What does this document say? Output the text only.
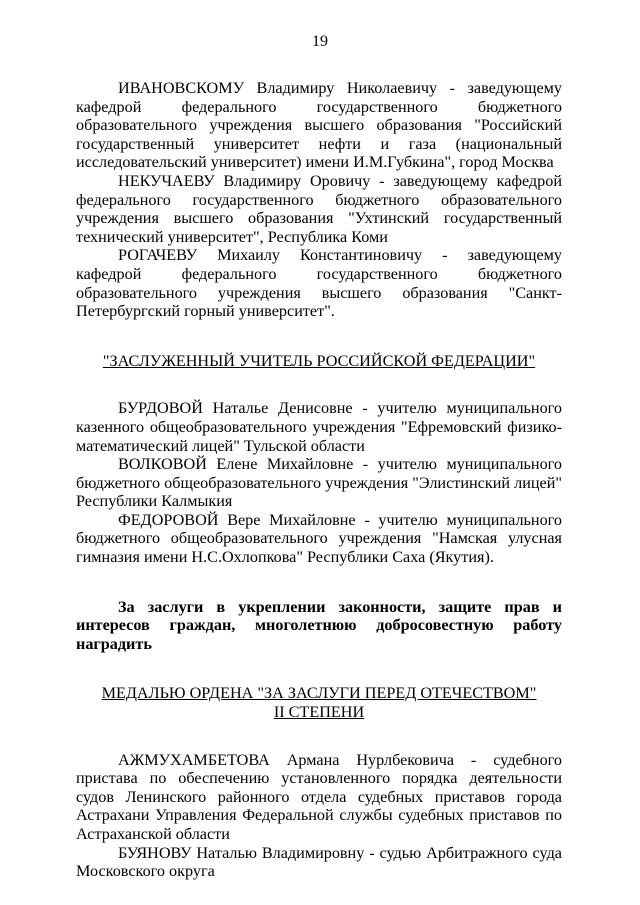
19

ИВАНОВСКОМУ Владимиру Николаевичу - заведующему кафедрой федерального государственного бюджетного образовательного учреждения высшего образования "Российский государственный университет нефти и газа (национальный исследовательский университет) имени И.М.Губкина", город Москва

НЕКУЧАЕВУ Владимиру Оровичу - заведующему кафедрой федерального государственного бюджетного образовательного учреждения высшего образования "Ухтинский государственный технический университет", Республика Коми

РОГАЧЕВУ Михаилу Константиновичу - заведующему кафедрой федерального государственного бюджетного образовательного учреждения высшего образования "Санкт-Петербургский горный университет".

"ЗАСЛУЖЕННЫЙ УЧИТЕЛЬ РОССИЙСКОЙ ФЕДЕРАЦИИ"

БУРДОВОЙ Наталье Денисовне - учителю муниципального казенного общеобразовательного учреждения "Ефремовский физико-математический лицей" Тульской области

ВОЛКОВОЙ Елене Михайловне - учителю муниципального бюджетного общеобразовательного учреждения "Элистинский лицей" Республики Калмыкия

ФЕДОРОВОЙ Вере Михайловне - учителю муниципального бюджетного общеобразовательного учреждения "Намская улусная гимназия имени Н.С.Охлопкова" Республики Саха (Якутия).

За заслуги в укреплении законности, защите прав и интересов граждан, многолетнюю добросовестную работу наградить

МЕДАЛЬЮ ОРДЕНА "ЗА ЗАСЛУГИ ПЕРЕД ОТЕЧЕСТВОМ"

II СТЕПЕНИ

АЖМУХАМБЕТОВА Армана Нурлбековича - судебного пристава по обеспечению установленного порядка деятельности судов Ленинского районного отдела судебных приставов города Астрахани Управления Федеральной службы судебных приставов по Астраханской области

БУЯНОВУ Наталью Владимировну - судью Арбитражного суда Московского округа
